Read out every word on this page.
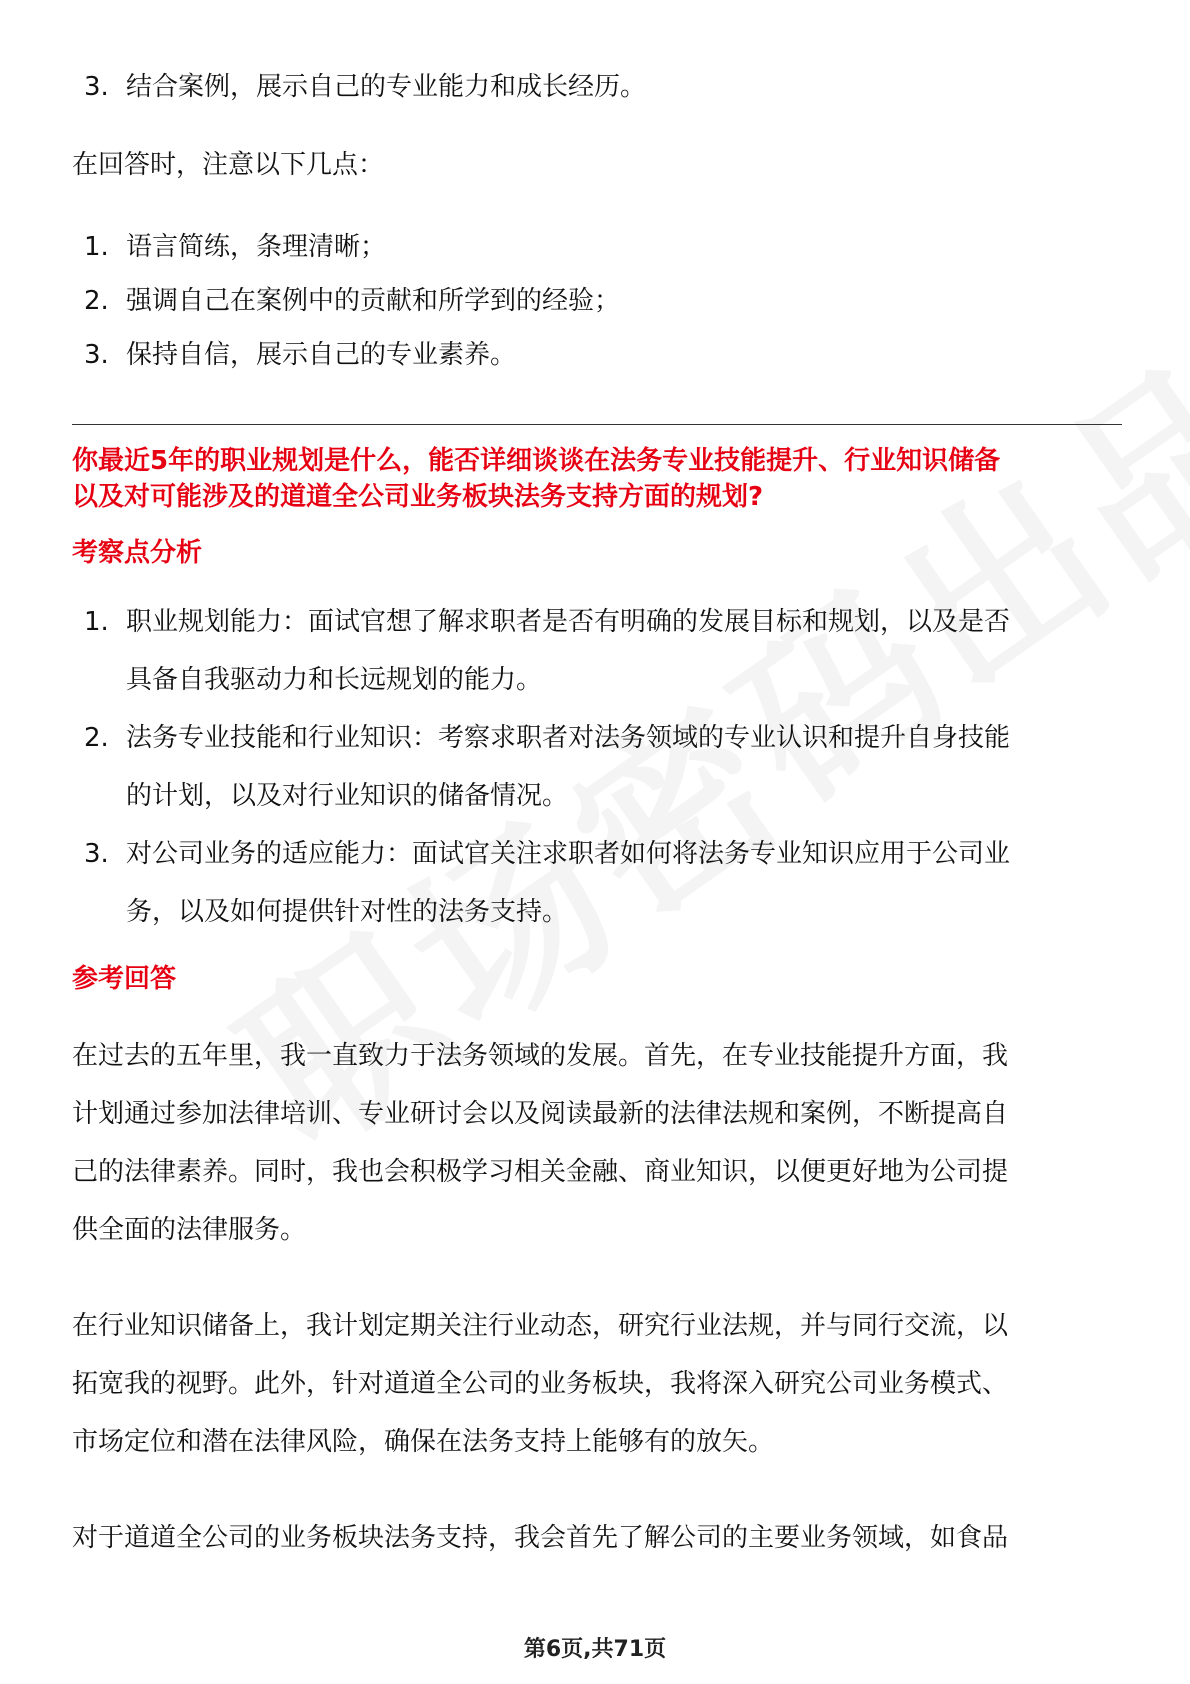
3. 结合案例，展示自己的专业能力和成长经历。

在回答时，注意以下几点：

1. 语言简练，条理清晰；
2. 强调自己在案例中的贡献和所学到的经验；
3. 保持自信，展示自己的专业素养。

你最近5年的职业规划是什么，能否详细谈谈在法务专业技能提升、行业知识储备

以及对可能涉及的道道全公司业务板块法务支持方面的规划?

考察点分析

1. 职业规划能力：面试官想了解求职者是否有明确的发展目标和规划，以及是否
具备自我驱动力和长远规划的能力。
2. 法务专业技能和行业知识：考察求职者对法务领域的专业认识和提升自身技能
的计划，以及对行业知识的储备情况。
3. 对公司业务的适应能力：面试官关注求职者如何将法务专业知识应用于公司业
务，以及如何提供针对性的法务支持。

参考回答

在过去的五年里，我一直致力于法务领域的发展。首先，在专业技能提升方面，我

计划通过参加法律培训、专业研讨会以及阅读最新的法律法规和案例，不断提高自

己的法律素养。同时，我也会积极学习相关金融、商业知识，以便更好地为公司提

供全面的法律服务。

在行业知识储备上，我计划定期关注行业动态，研究行业法规，并与同行交流，以

拓宽我的视野。此外，针对道道全公司的业务板块，我将深入研究公司业务模式、

市场定位和潜在法律风险，确保在法务支持上能够有的放矢。

对于道道全公司的业务板块法务支持，我会首先了解公司的主要业务领域，如食品

第6页,共71页
